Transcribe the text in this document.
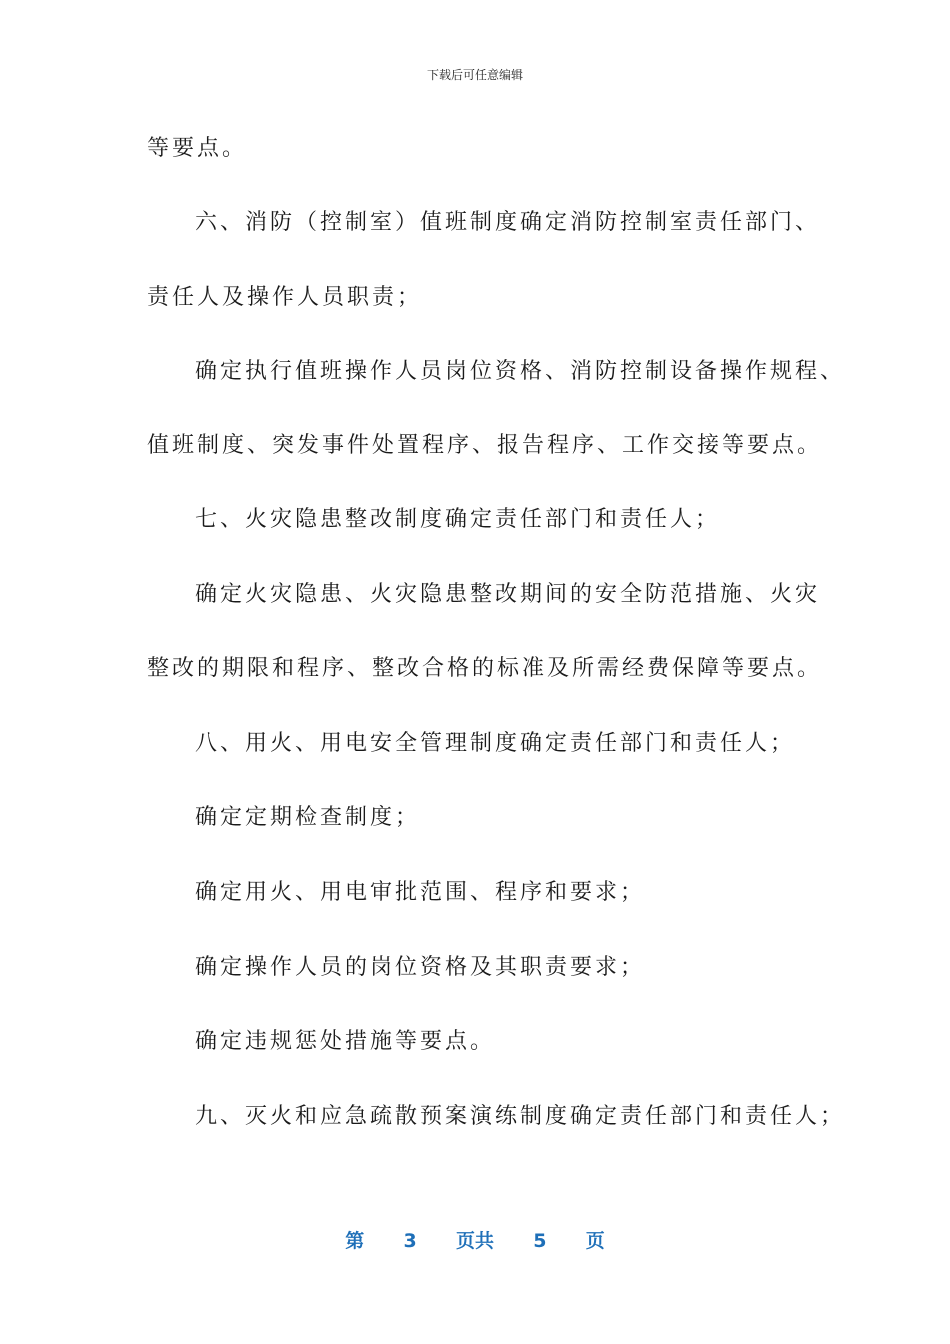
下载后可任意编辑
等要点。
六、消防（控制室）值班制度确定消防控制室责任部门、
责任人及操作人员职责；
确定执行值班操作人员岗位资格、消防控制设备操作规程、
值班制度、突发事件处置程序、报告程序、工作交接等要点。
七、火灾隐患整改制度确定责任部门和责任人；
确定火灾隐患、火灾隐患整改期间的安全防范措施、火灾
整改的期限和程序、整改合格的标准及所需经费保障等要点。
八、用火、用电安全管理制度确定责任部门和责任人；
确定定期检查制度；
确定用火、用电审批范围、程序和要求；
确定操作人员的岗位资格及其职责要求；
确定违规惩处措施等要点。
九、灭火和应急疏散预案演练制度确定责任部门和责任人；
第 3 页共 5 页
